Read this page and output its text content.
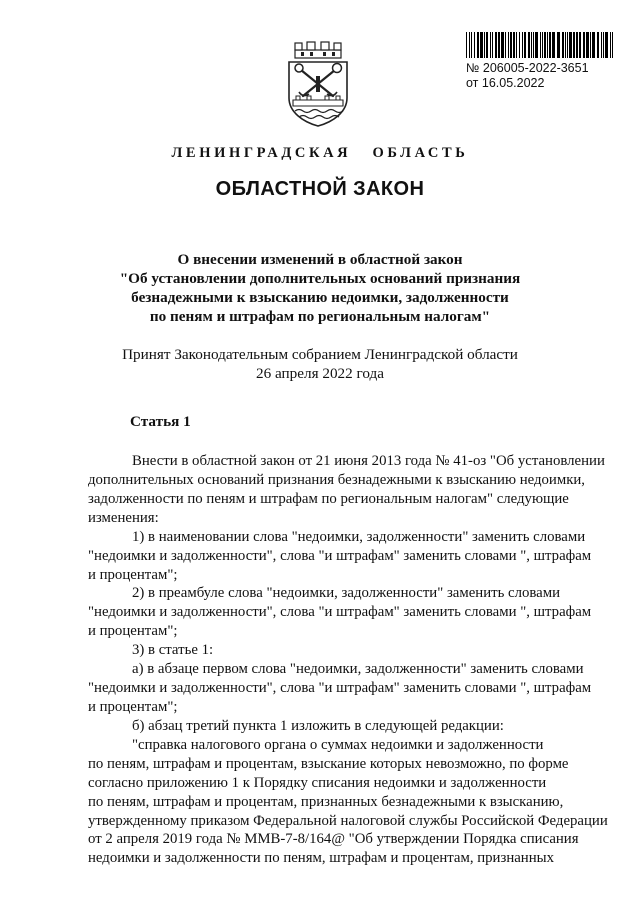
№ 206005-2022-3651
от 16.05.2022
ЛЕНИНГРАДСКАЯ ОБЛАСТЬ
ОБЛАСТНОЙ ЗАКОН
О внесении изменений в областной закон
"Об установлении дополнительных оснований признания
безнадежными к взысканию недоимки, задолженности
по пеням и штрафам по региональным налогам"
Принят Законодательным собранием Ленинградской области
26 апреля 2022 года
Статья 1
Внести в областной закон от 21 июня 2013 года № 41-оз "Об установлении
дополнительных оснований признания безнадежными к взысканию недоимки,
задолженности по пеням и штрафам по региональным налогам" следующие
изменения:
1) в наименовании слова "недоимки, задолженности" заменить словами
"недоимки и задолженности", слова "и штрафам" заменить словами ", штрафам
и процентам";
2) в преамбуле слова "недоимки, задолженности" заменить словами
"недоимки и задолженности", слова "и штрафам" заменить словами ", штрафам
и процентам";
3) в статье 1:
а) в абзаце первом слова "недоимки, задолженности" заменить словами
"недоимки и задолженности", слова "и штрафам" заменить словами ", штрафам
и процентам";
б) абзац третий пункта 1 изложить в следующей редакции:
"справка налогового органа о суммах недоимки и задолженности
по пеням, штрафам и процентам, взыскание которых невозможно, по форме
согласно приложению 1 к Порядку списания недоимки и задолженности
по пеням, штрафам и процентам, признанных безнадежными к взысканию,
утвержденному приказом Федеральной налоговой службы Российской Федерации
от 2 апреля 2019 года № ММВ-7-8/164@ "Об утверждении Порядка списания
недоимки и задолженности по пеням, штрафам и процентам, признанных
